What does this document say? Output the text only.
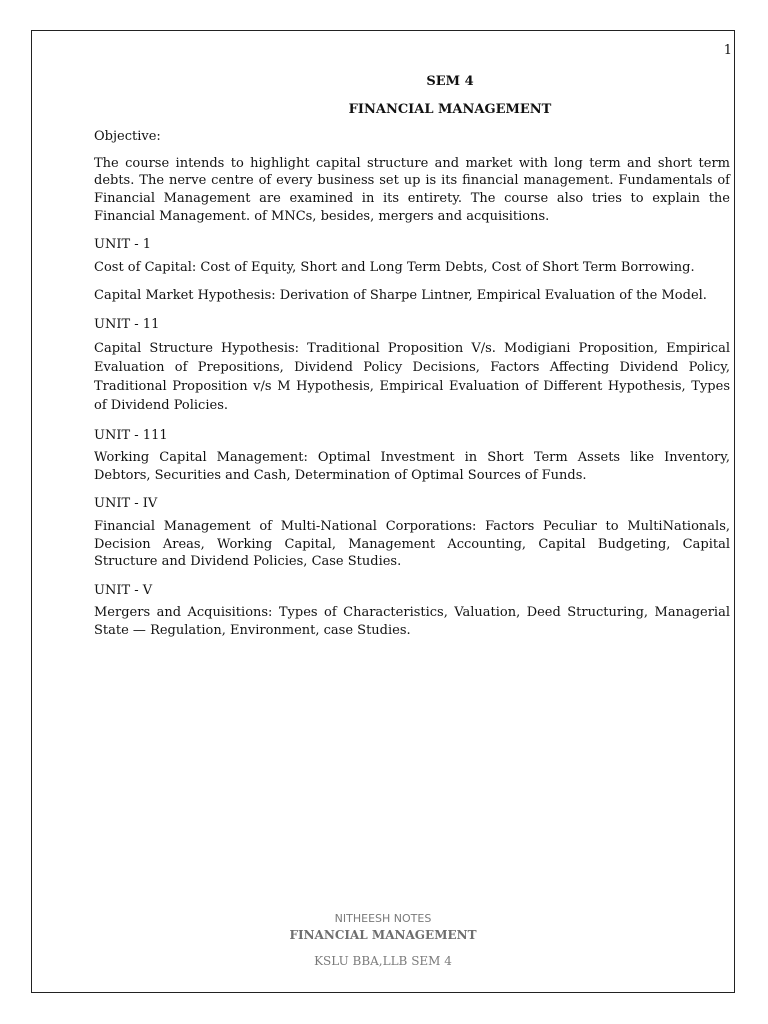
1
SEM 4
FINANCIAL MANAGEMENT
Objective:
The course intends to highlight capital structure and market with long term and short term debts. The nerve centre of every business set up is its financial management. Fundamentals of Financial Management are examined in its entirety. The course also tries to explain the Financial Management. of MNCs, besides, mergers and acquisitions.
UNIT - 1
Cost of Capital: Cost of Equity, Short and Long Term Debts, Cost of Short Term Borrowing.
Capital Market Hypothesis: Derivation of Sharpe Lintner, Empirical Evaluation of the Model.
UNIT - 11
Capital Structure Hypothesis: Traditional Proposition V/s. Modigiani Proposition, Empirical Evaluation of Prepositions, Dividend Policy Decisions, Factors Affecting Dividend Policy, Traditional Proposition v/s M Hypothesis, Empirical Evaluation of Different Hypothesis, Types of Dividend Policies.
UNIT - 111
Working Capital Management: Optimal Investment in Short Term Assets like Inventory, Debtors, Securities and Cash, Determination of Optimal Sources of Funds.
UNIT - IV
Financial Management of Multi-National Corporations: Factors Peculiar to MultiNationals, Decision Areas, Working Capital, Management Accounting, Capital Budgeting, Capital Structure and Dividend Policies, Case Studies.
UNIT - V
Mergers and Acquisitions: Types of Characteristics, Valuation, Deed Structuring, Managerial State — Regulation, Environment, case Studies.
NITHEESH NOTES
FINANCIAL MANAGEMENT
KSLU BBA,LLB SEM 4
